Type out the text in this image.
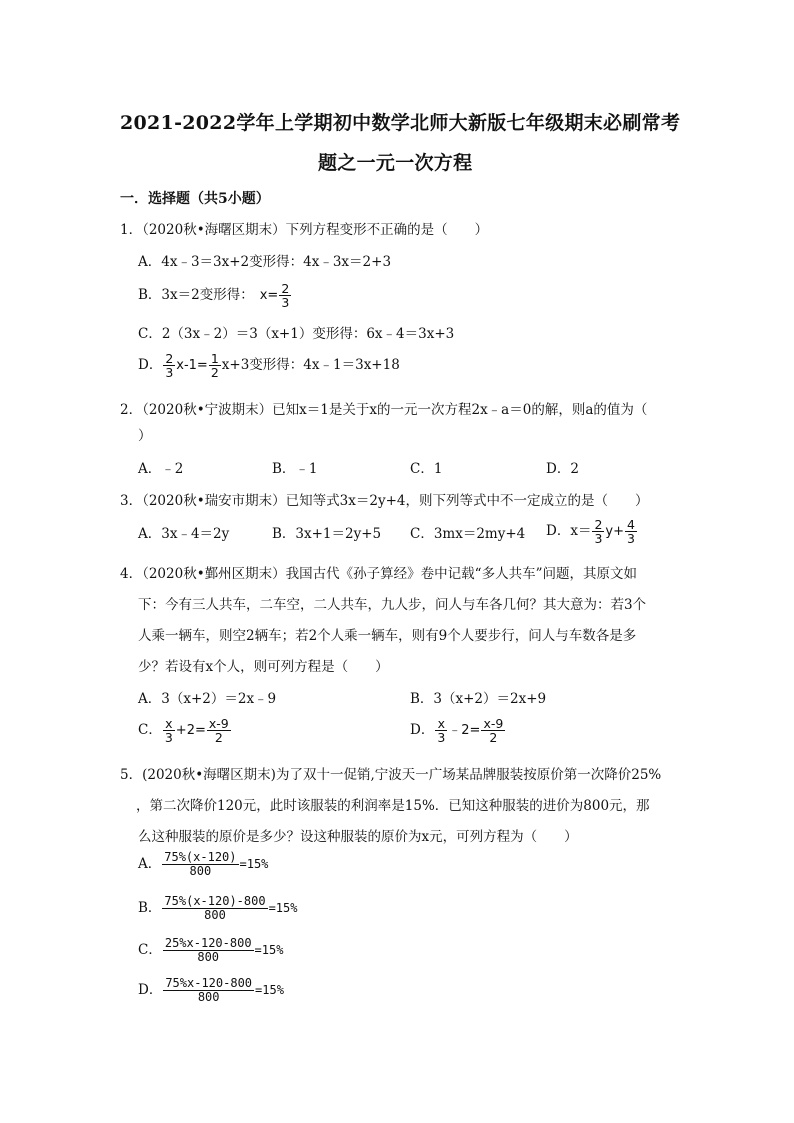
2021-2022学年上学期初中数学北师大新版七年级期末必刷常考
题之一元一次方程
一．选择题（共5小题）
1．（2020秋•海曙区期末）下列方程变形不正确的是（　　）
A．4x﹣3＝3x+2变形得：4x﹣3x＝2+3
B．3x＝2变形得： $x= \frac{2}{3}$
C．2（3x﹣2）＝3（x+1）变形得：6x﹣4＝3x+3
D． $\frac{2}{3} x-1= \frac{1}{2} x+3$变形得：4x﹣1＝3x+18
2．（2020秋•宁波期末）已知x＝1是关于x的一元一次方程2x﹣a＝0的解，则a的值为（
）
A．﹣2	B．﹣1	C．1	D．2
3．（2020秋•瑞安市期末）已知等式3x＝2y+4，则下列等式中不一定成立的是（　　）
A．3x﹣4＝2y	B．3x+1＝2y+5 C．3mx＝2my+4 D．$x= \frac{2}{3} y+ \frac{4}{3}$
4．（2020秋•鄞州区期末）我国古代《孙子算经》卷中记载“多人共车”问题，其原文如
下：今有三人共车，二车空，二人共车，九人步，问人与车各几何？其大意为：若3个
人乘一辆车，则空2辆车；若2个人乘一辆车，则有9个人要步行，问人与车数各是多
少？若设有x个人，则可列方程是（　　）
A．3（x+2）＝2x﹣9	B．3（x+2）＝2x+9
C． $\frac{x}{3} +2= \frac{x-9}{2}$	D． $\frac{x}{3}$ ﹣2= $\frac{x-9}{2}$
5．(2020秋•海曙区期末)为了双十一促销,宁波天一广场某品牌服装按原价第一次降价25%
，第二次降价120元，此时该服装的利润率是15%．已知这种服装的进价为800元，那
么这种服装的原价是多少？设这种服装的原价为x元，可列方程为（　　）
A． $\frac{75\%(x-120)}{800} =15\%$
B． $\frac{75\%(x-120)-800}{800} =15\%$
C． $\frac{25\%x-120-800}{800} =15\%$
D． $\frac{75\%x-120-800}{800} =15\%$
